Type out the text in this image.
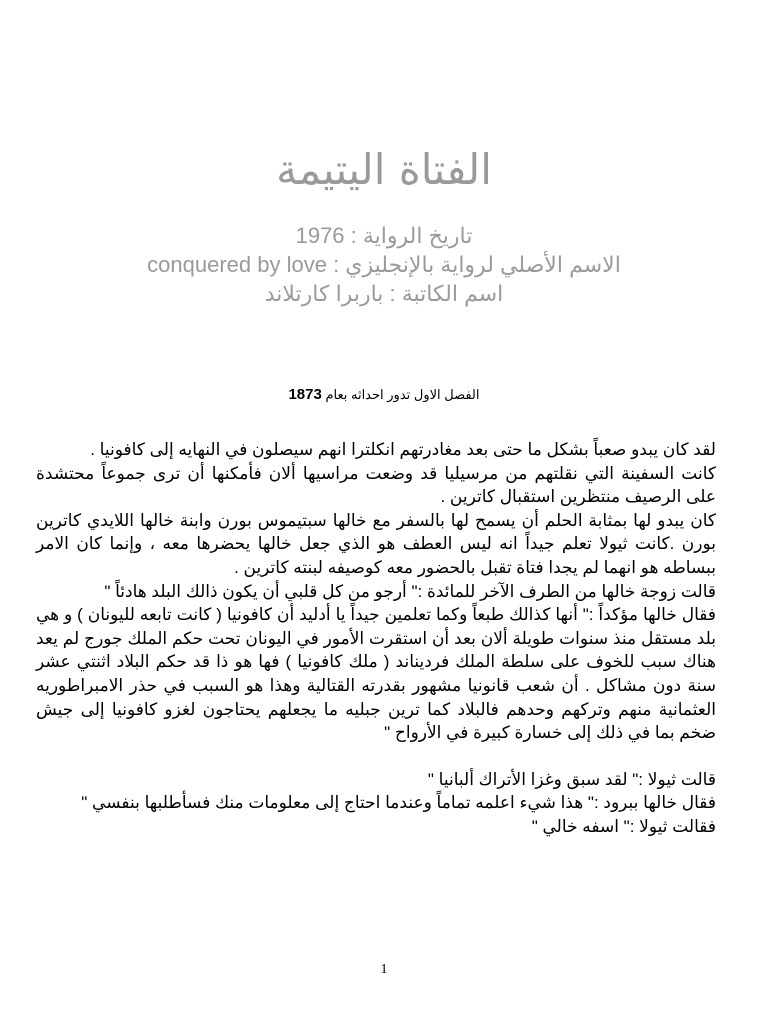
الفتاة اليتيمة
تاريخ الرواية : 1976
الاسم الأصلي لرواية بالإنجليزي : conquered by love
اسم الكاتبة : باربرا كارتلاند
الفصل الاول تدور احداثه بعام 1873

لقد كان يبدو صعباً بشكل ما حتى بعد مغادرتهم انكلترا انهم سيصلون في النهايه إلى كافونيا .

كانت السفينة التي نقلتهم من مرسيليا قد وضعت مراسيها ألان فأمكنها أن ترى جموعاً محتشدة على الرصيف منتظرين استقبال كاترين .

كان يبدو لها بمثابة الحلم أن يسمح لها بالسفر مع خالها سبتيموس بورن وابنة خالها اللايدي كاترين بورن .كانت ثيولا تعلم جيداً انه ليس العطف هو الذي جعل خالها يحضرها معه ، وإنما كان الامر ببساطه هو انهما لم يجدا فتاة تقبل بالحضور معه كوصيفه لبنته كاترين .

قالت زوجة خالها من الطرف الآخر للمائدة :" أرجو من كل قلبي أن يكون ذالك البلد هادئاً "

فقال خالها مؤكداً :" أنها كذالك طبعاً وكما تعلمين جيداً يا أدليد أن كافونيا ( كانت تابعه لليونان ) و هي بلد مستقل منذ سنوات طويلة ألان بعد أن استقرت الأمور في اليونان تحت حكم الملك جورج لم يعد هناك سبب للخوف على سلطة الملك فرديناند ( ملك كافونيا ) فها هو ذا قد حكم البلاد اثنتي عشر سنة دون مشاكل . أن شعب قانونيا مشهور بقدرته القتالية وهذا هو السبب في حذر الامبراطوريه العثمانية منهم وتركهم وحدهم فالبلاد كما ترين جبليه ما يجعلهم يحتاجون لغزو كافونيا إلى جيش ضخم بما في ذلك إلى خسارة كبيرة في الأرواح "

قالت ثيولا :" لقد سبق وغزا الأتراك ألبانيا "

فقال خالها ببرود :" هذا شيء اعلمه تماماً وعندما احتاج إلى معلومات منك فسأطلبها بنفسي "

فقالت ثيولا :" اسفه خالي "

1
